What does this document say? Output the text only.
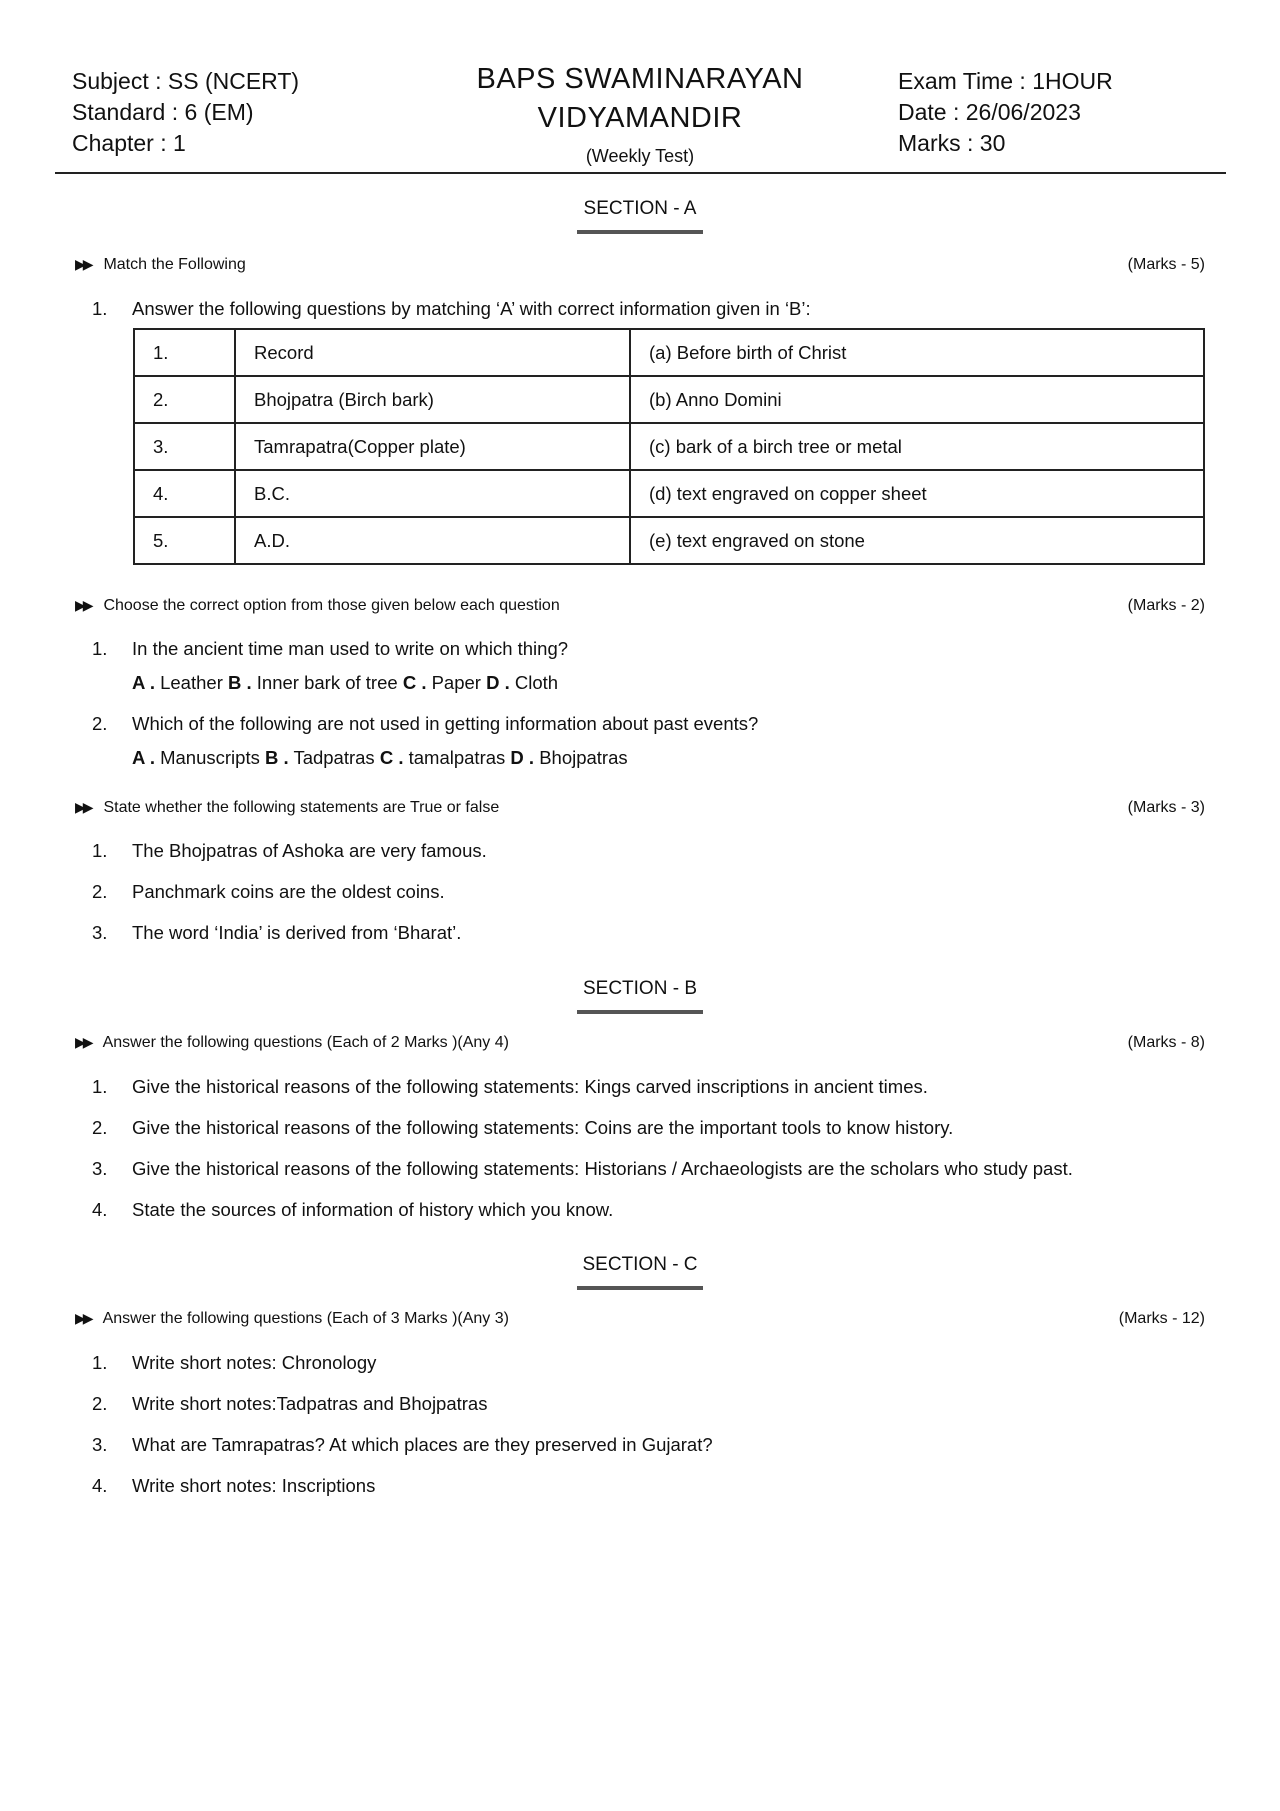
Subject : SS (NCERT)
Standard : 6 (EM)
Chapter : 1
BAPS SWAMINARAYAN
VIDYAMANDIR
(Weekly Test)
Exam Time : 1HOUR
Date : 26/06/2023
Marks : 30
SECTION - A
▶▶ Match the Following	(Marks - 5)
1. Answer the following questions by matching ‘A’ with correct information given in ‘B’:
1.	Record	(a) Before birth of Christ
2.	Bhojpatra (Birch bark)	(b) Anno Domini
3.	Tamrapatra(Copper plate)	(c) bark of a birch tree or metal
4.	B.C.	(d) text engraved on copper sheet
5.	A.D.	(e) text engraved on stone
▶▶ Choose the correct option from those given below each question	(Marks - 2)
1. In the ancient time man used to write on which thing?
A . Leather B . Inner bark of tree C . Paper D . Cloth
2. Which of the following are not used in getting information about past events?
A . Manuscripts B . Tadpatras C . tamalpatras D . Bhojpatras
▶▶ State whether the following statements are True or false	(Marks - 3)
1. The Bhojpatras of Ashoka are very famous.
2. Panchmark coins are the oldest coins.
3. The word ‘India’ is derived from ‘Bharat’.
SECTION - B
▶▶ Answer the following questions (Each of 2 Marks )(Any 4)	(Marks - 8)
1. Give the historical reasons of the following statements: Kings carved inscriptions in ancient times.
2. Give the historical reasons of the following statements: Coins are the important tools to know history.
3. Give the historical reasons of the following statements: Historians / Archaeologists are the scholars who study past.
4. State the sources of information of history which you know.
SECTION - C
▶▶ Answer the following questions (Each of 3 Marks )(Any 3)	(Marks - 12)
1. Write short notes: Chronology
2. Write short notes:Tadpatras and Bhojpatras
3. What are Tamrapatras? At which places are they preserved in Gujarat?
4. Write short notes: Inscriptions
